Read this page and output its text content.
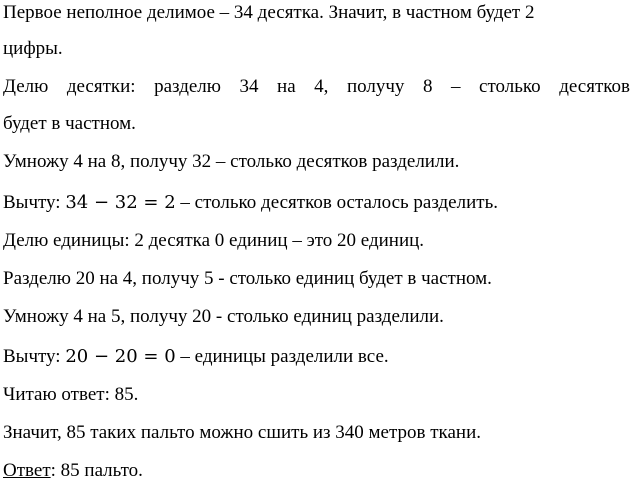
Первое неполное делимое – 34 десятка. Значит, в частном будет 2
цифры.
Делю десятки: разделю 34 на 4, получу 8 – столько десятков
будет в частном.
Умножу 4 на 8, получу 32 – столько десятков разделили.
Вычту: 34 − 32 = 2 – столько десятков осталось разделить.
Делю единицы: 2 десятка 0 единиц – это 20 единиц.
Разделю 20 на 4, получу 5 - столько единиц будет в частном.
Умножу 4 на 5, получу 20 - столько единиц разделили.
Вычту: 20 − 20 = 0 – единицы разделили все.
Читаю ответ: 85.
Значит, 85 таких пальто можно сшить из 340 метров ткани.
Ответ: 85 пальто.
